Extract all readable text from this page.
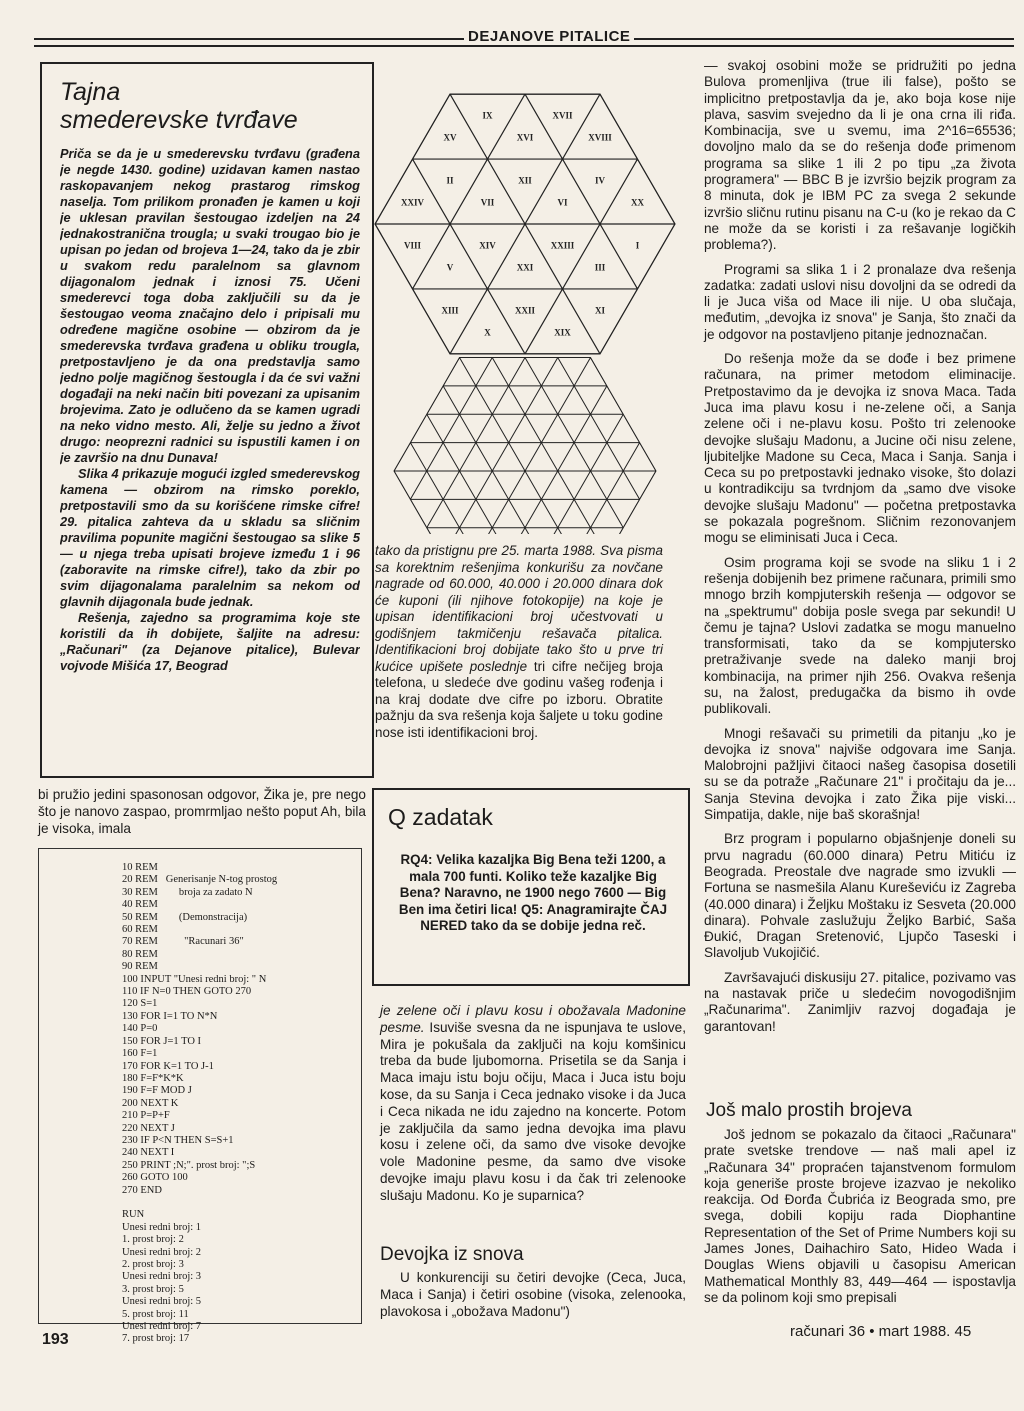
DEJANOVE PITALICE
Tajna
smederevske tvrđave

Priča se da je u smederevsku tvrđavu (građena je negde 1430. godine) uzidavan kamen nastao raskopavanjem nekog prastarog rimskog naselja. Tom prilikom pronađen je kamen u koji je uklesan pravilan šestougao izdeljen na 24 jednakostranična trougla; u svaki trougao bio je upisan po jedan od brojeva 1—24, tako da je zbir u svakom redu paralelnom sa glavnom dijagonalom jednak i iznosi 75. Učeni smederevci toga doba zaključili su da je šestougao veoma značajno delo i pripisali mu određene magične osobine — obzirom da je smederevska tvrđava građena u obliku trougla, pretpostavljeno je da ona predstavlja samo jedno polje magičnog šestougla i da će svi važni događaji na neki način biti povezani za upisanim brojevima. Zato je odlučeno da se kamen ugradi na neko vidno mesto. Ali, želje su jedno a život drugo: neoprezni radnici su ispustili kamen i on je završio na dnu Dunava!

Slika 4 prikazuje mogući izgled smederevskog kamena — obzirom na rimsko poreklo, pretpostavili smo da su korišćene rimske cifre! 29. pitalica zahteva da u skladu sa sličnim pravilima popunite magični šestougao sa slike 5 — u njega treba upisati brojeve između 1 i 96 (zaboravite na rimske cifre!), tako da zbir po svim dijagonalama paralelnim sa nekom od glavnih dijagonala bude jednak.

Rešenja, zajedno sa programima koje ste koristili da ih dobijete, šaljite na adresu: „Računari" (za Dejanove pitalice), Bulevar vojvode Mišića 17, Beograd

bi pružio jedini spasonosan odgovor, Žika je, pre nego što je nanovo zaspao, promrmljao nešto poput Ah, bila je visoka, imala
10 REM
20 REM   Generisanje N-tog prostog
30 REM        broja za zadato N
40 REM
50 REM        (Demonstracija)
60 REM
70 REM          "Racunari 36"
80 REM
90 REM
100 INPUT "Unesi redni broj: " N
110 IF N=0 THEN GOTO 270
120 S=1
130 FOR I=1 TO N*N
140 P=0
150 FOR J=1 TO I
160 F=1
170 FOR K=1 TO J-1
180 F=F*K*K
190 F=F MOD J
200 NEXT K
210 P=P+F
220 NEXT J
230 IF P<N THEN S=S+1
240 NEXT I
250 PRINT ;N;". prost broj: ";S
260 GOTO 100
270 END

RUN
Unesi redni broj: 1
1. prost broj: 2
Unesi redni broj: 2
2. prost broj: 3
Unesi redni broj: 3
3. prost broj: 5
Unesi redni broj: 5
5. prost broj: 11
Unesi redni broj: 7
7. prost broj: 17
193
XV
IX
XVI
XVII
XVIII
XXIV
II
VII
XII
VI
IV
XX
VIII
V
XIV
XXI
XXIII
III
I
XIII
X
XXII
XIX
XI
tako da pristignu pre 25. marta 1988. Sva pisma sa korektnim rešenjima konkurišu za novčane nagrade od 60.000, 40.000 i 20.000 dinara dok će kuponi (ili njihove fotokopije) na koje je upisan identifikacioni broj učestvovati u godišnjem takmičenju rešavača pitalica. Identifikacioni broj dobijate tako što u prve tri kućice upišete poslednje tri cifre nečijeg broja telefona, u sledeće dve godinu vašeg rođenja i na kraj dodate dve cifre po izboru. Obratite pažnju da sva rešenja koja šaljete u toku godine nose isti identifikacioni broj.
Q zadatak
RQ4: Velika kazaljka Big Bena teži 1200, a mala 700 funti. Koliko teže kazaljke Big Bena? Naravno, ne 1900 nego 7600 — Big Ben ima četiri lica! Q5: Anagramirajte ČAJ NERED tako da se dobije jedna reč.
je zelene oči i plavu kosu i obožavala Madonine pesme. Isuviše svesna da ne ispunjava te uslove, Mira je pokušala da zaključi na koju komšinicu treba da bude ljubomorna. Prisetila se da Sanja i Maca imaju istu boju očiju, Maca i Juca istu boju kose, da su Sanja i Ceca jednako visoke i da Juca i Ceca nikada ne idu zajedno na koncerte. Potom je zaključila da samo jedna devojka ima plavu kosu i zelene oči, da samo dve visoke devojke vole Madonine pesme, da samo dve visoke devojke imaju plavu kosu i da čak tri zelenooke slušaju Madonu. Ko je suparnica?
Devojka iz snova
U konkurenciji su četiri devojke (Ceca, Juca, Maca i Sanja) i četiri osobine (visoka, zelenooka, plavokosa i „obožava Madonu")

— svakoj osobini može se pridružiti po jedna Bulova promenljiva (true ili false), pošto se implicitno pretpostavlja da je, ako boja kose nije plava, sasvim svejedno da li je ona crna ili riđa. Kombinacija, sve u svemu, ima 2^16=65536; dovoljno malo da se do rešenja dođe primenom programa sa slike 1 ili 2 po tipu „za života programera" — BBC B je izvršio bejzik program za 8 minuta, dok je IBM PC za svega 2 sekunde izvršio sličnu rutinu pisanu na C-u (ko je rekao da C ne može da se koristi i za rešavanje logičkih problema?).

Programi sa slika 1 i 2 pronalaze dva rešenja zadatka: zadati uslovi nisu dovoljni da se odredi da li je Juca viša od Mace ili nije. U oba slučaja, međutim, „devojka iz snova" je Sanja, što znači da je odgovor na postavljeno pitanje jednoznačan.

Do rešenja može da se dođe i bez primene računara, na primer metodom eliminacije. Pretpostavimo da je devojka iz snova Maca. Tada Juca ima plavu kosu i ne-zelene oči, a Sanja zelene oči i ne-plavu kosu. Pošto tri zelenooke devojke slušaju Madonu, a Jucine oči nisu zelene, ljubiteljke Madone su Ceca, Maca i Sanja. Sanja i Ceca su po pretpostavki jednako visoke, što dolazi u kontradikciju sa tvrdnjom da „samo dve visoke devojke slušaju Madonu" — početna pretpostavka se pokazala pogrešnom. Sličnim rezonovanjem mogu se eliminisati Juca i Ceca.

Osim programa koji se svode na sliku 1 i 2 rešenja dobijenih bez primene računara, primili smo mnogo brzih kompjuterskih rešenja — odgovor se na „spektrumu" dobija posle svega par sekundi! U čemu je tajna? Uslovi zadatka se mogu manuelno transformisati, tako da se kompjutersko pretraživanje svede na daleko manji broj kombinacija, na primer njih 256. Ovakva rešenja su, na žalost, predugačka da bismo ih ovde publikovali.

Mnogi rešavači su primetili da pitanju „ko je devojka iz snova" najviše odgovara ime Sanja. Malobrojni pažljivi čitaoci našeg časopisa dosetili su se da potraže „Računare 21" i pročitaju da je... Sanja Stevina devojka i zato Žika pije viski... Simpatija, dakle, nije baš skorašnja!

Brz program i popularno objašnjenje doneli su prvu nagradu (60.000 dinara) Petru Mitiću iz Beograda. Preostale dve nagrade smo izvukli — Fortuna se nasmešila Alanu Kureševiću iz Zagreba (40.000 dinara) i Željku Moštaku iz Sesveta (20.000 dinara). Pohvale zaslužuju Željko Barbić, Saša Đukić, Dragan Sretenović, Ljupčo Taseski i Slavoljub Vukojičić.

Završavajući diskusiju 27. pitalice, pozivamo vas na nastavak priče u sledećim novogodišnjim „Računarima". Zanimljiv razvoj događaja je garantovan!

Još malo prostih brojeva
Još jednom se pokazalo da čitaoci „Računara" prate svetske trendove — naš mali apel iz „Računara 34" propraćen tajanstvenom formulom koja generiše proste brojeve izazvao je nekoliko reakcija. Od Đorđa Čubrića iz Beograda smo, pre svega, dobili kopiju rada Diophantine Representation of the Set of Prime Numbers koji su James Jones, Daihachiro Sato, Hideo Wada i Douglas Wiens objavili u časopisu American Mathematical Monthly 83, 449—464 — ispostavlja se da polinom koji smo prepisali
računari 36 • mart 1988. 45
